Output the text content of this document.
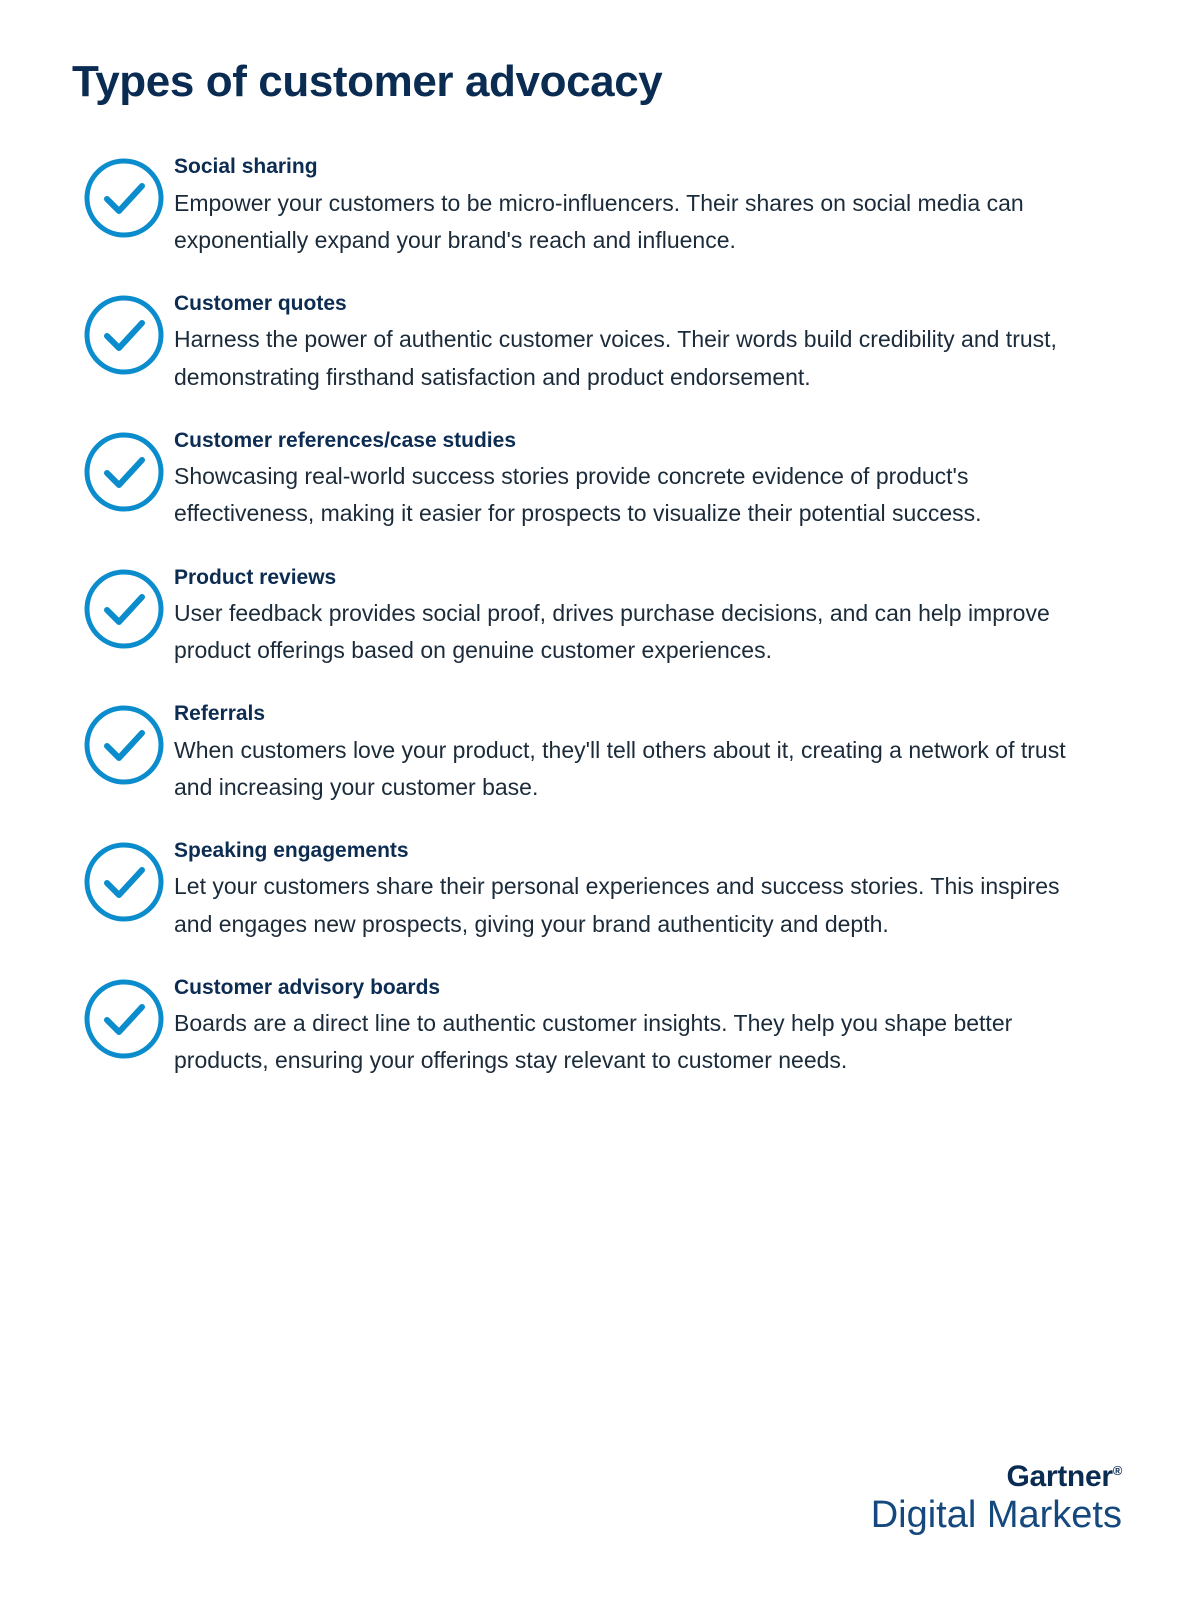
Types of customer advocacy

Social sharing

Empower your customers to be micro-influencers. Their shares on social media can exponentially expand your brand's reach and influence.

Customer quotes

Harness the power of authentic customer voices. Their words build credibility and trust, demonstrating firsthand satisfaction and product endorsement.

Customer references/case studies

Showcasing real-world success stories provide concrete evidence of product's effectiveness, making it easier for prospects to visualize their potential success.

Product reviews

User feedback provides social proof, drives purchase decisions, and can help improve product offerings based on genuine customer experiences.

Referrals

When customers love your product, they'll tell others about it, creating a network of trust and increasing your customer base.

Speaking engagements

Let your customers share their personal experiences and success stories. This inspires and engages new prospects, giving your brand authenticity and depth.

Customer advisory boards

Boards are a direct line to authentic customer insights. They help you shape better products, ensuring your offerings stay relevant to customer needs.

Gartner®
Digital Markets
